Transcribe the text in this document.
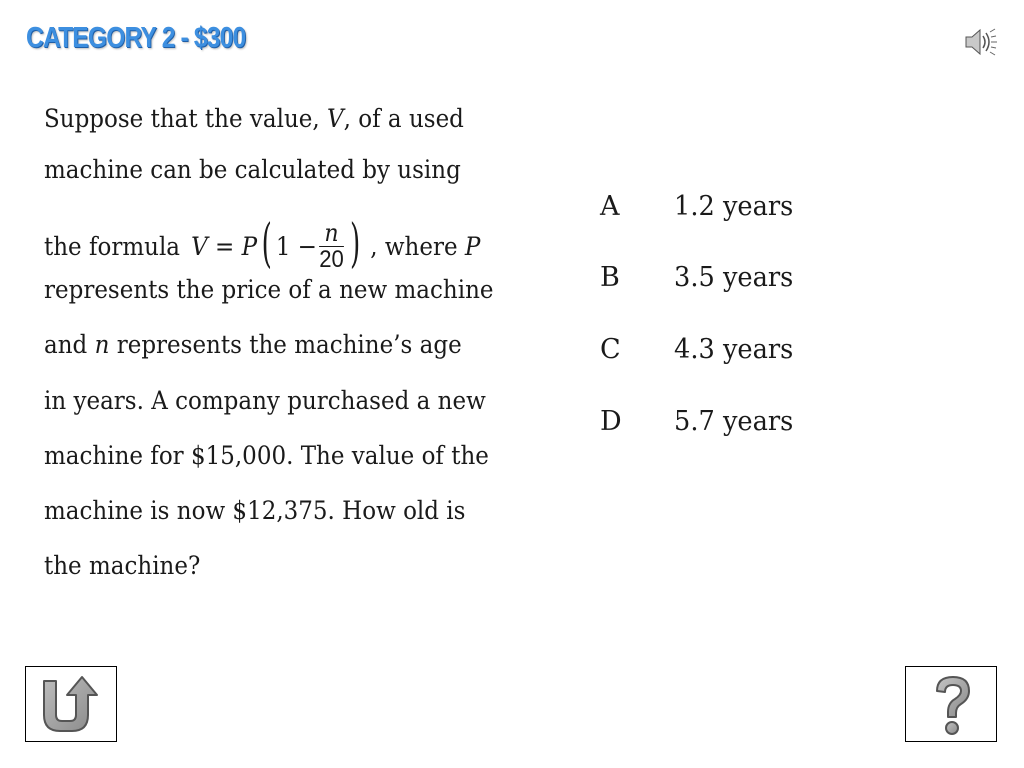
CATEGORY 2 - $300
Suppose that the value, V, of a used
machine can be calculated by using
the formula V = P ( $1 - \frac{n}{20}$ ) , where
P
represents the price of a new machine
and n represents the machine’s age
in years. A company purchased a new
machine for $15,000. The value of the
machine is now $12,375. How old is
the machine?
A 1.2 years
B 3.5 years
C 4.3 years
D 5.7 years
